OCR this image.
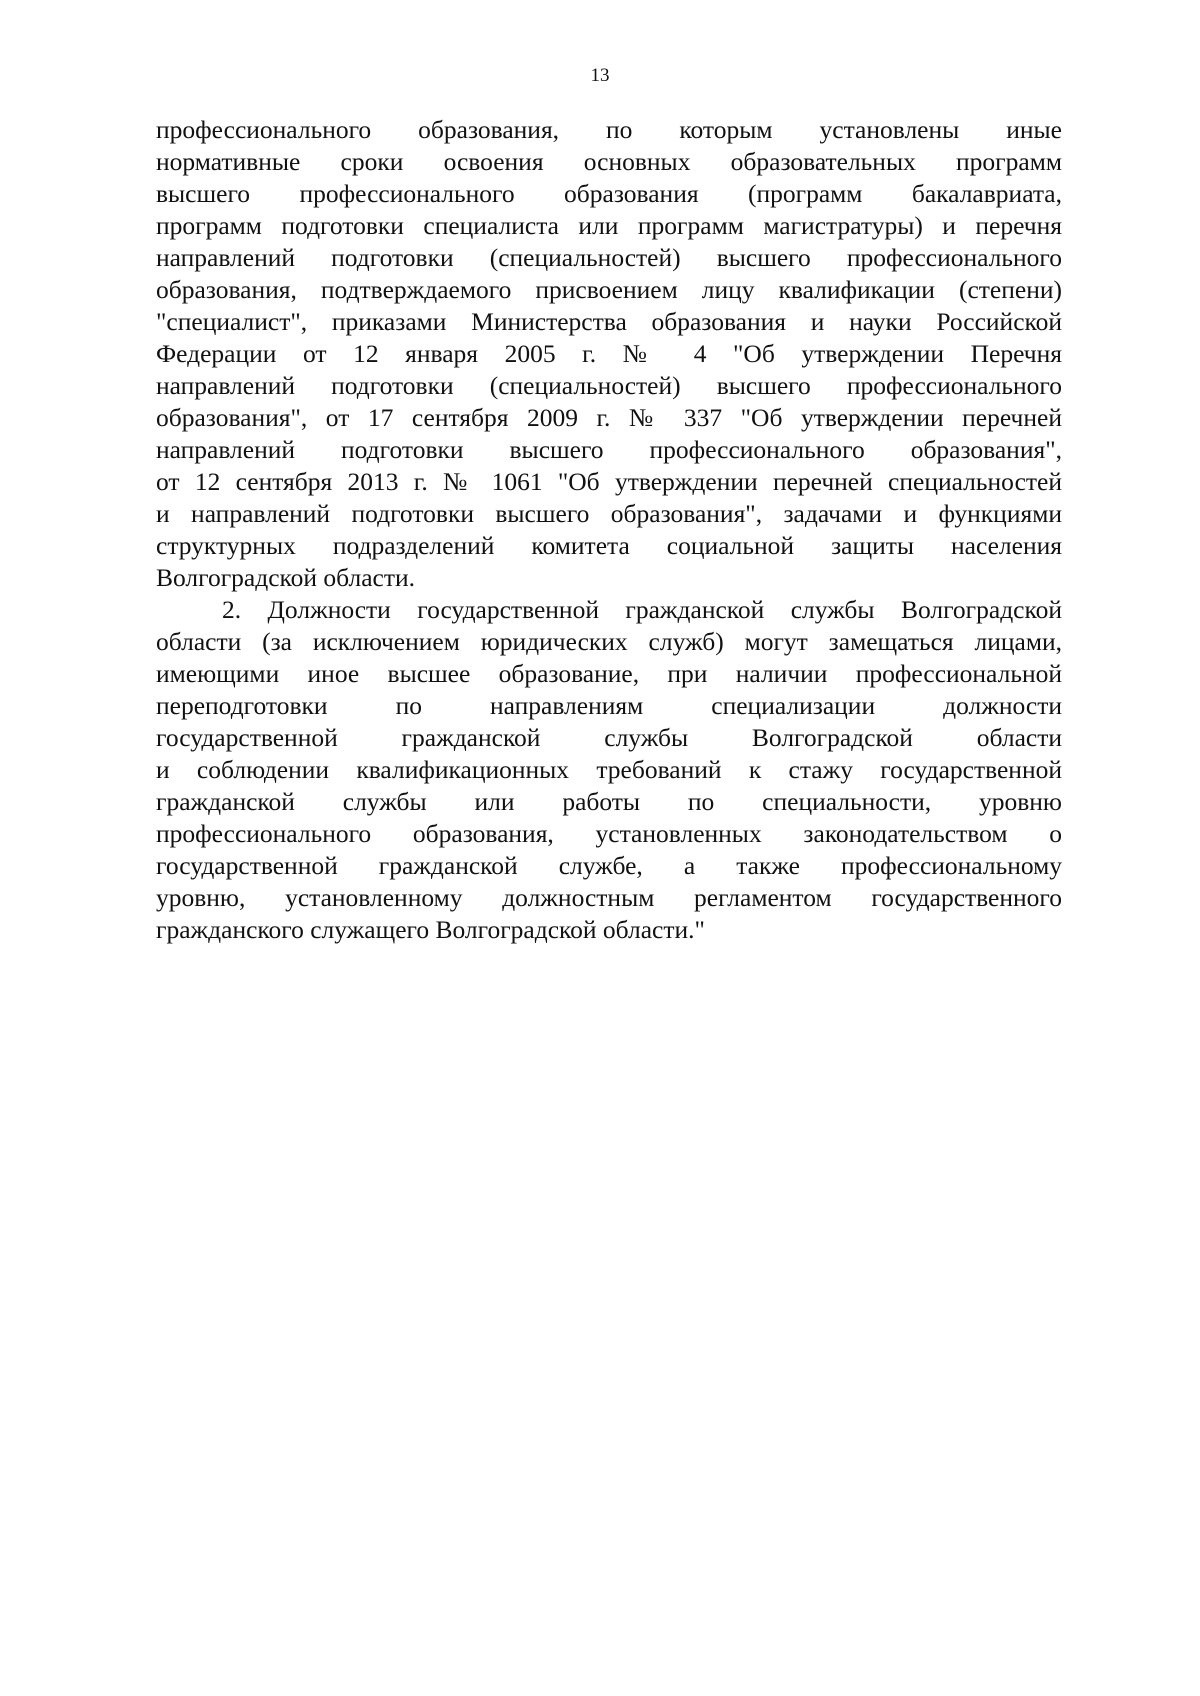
13
профессионального образования, по которым установлены иные
нормативные сроки освоения основных образовательных программ
высшего профессионального образования (программ бакалавриата,
программ подготовки специалиста или программ магистратуры) и перечня
направлений подготовки (специальностей) высшего профессионального
образования, подтверждаемого присвоением лицу квалификации (степени)
"специалист", приказами Министерства образования и науки Российской
Федерации от 12 января 2005 г. № 4 "Об утверждении Перечня
направлений подготовки (специальностей) высшего профессионального
образования", от 17 сентября 2009 г. № 337 "Об утверждении перечней
направлений подготовки высшего профессионального образования",
от 12 сентября 2013 г. № 1061 "Об утверждении перечней специальностей
и направлений подготовки высшего образования", задачами и функциями
структурных подразделений комитета социальной защиты населения
Волгоградской области.
2. Должности государственной гражданской службы Волгоградской
области (за исключением юридических служб) могут замещаться лицами,
имеющими иное высшее образование, при наличии профессиональной
переподготовки по направлениям специализации должности
государственной гражданской службы Волгоградской области
и соблюдении квалификационных требований к стажу государственной
гражданской службы или работы по специальности, уровню
профессионального образования, установленных законодательством о
государственной гражданской службе, а также профессиональному
уровню, установленному должностным регламентом государственного
гражданского служащего Волгоградской области."
